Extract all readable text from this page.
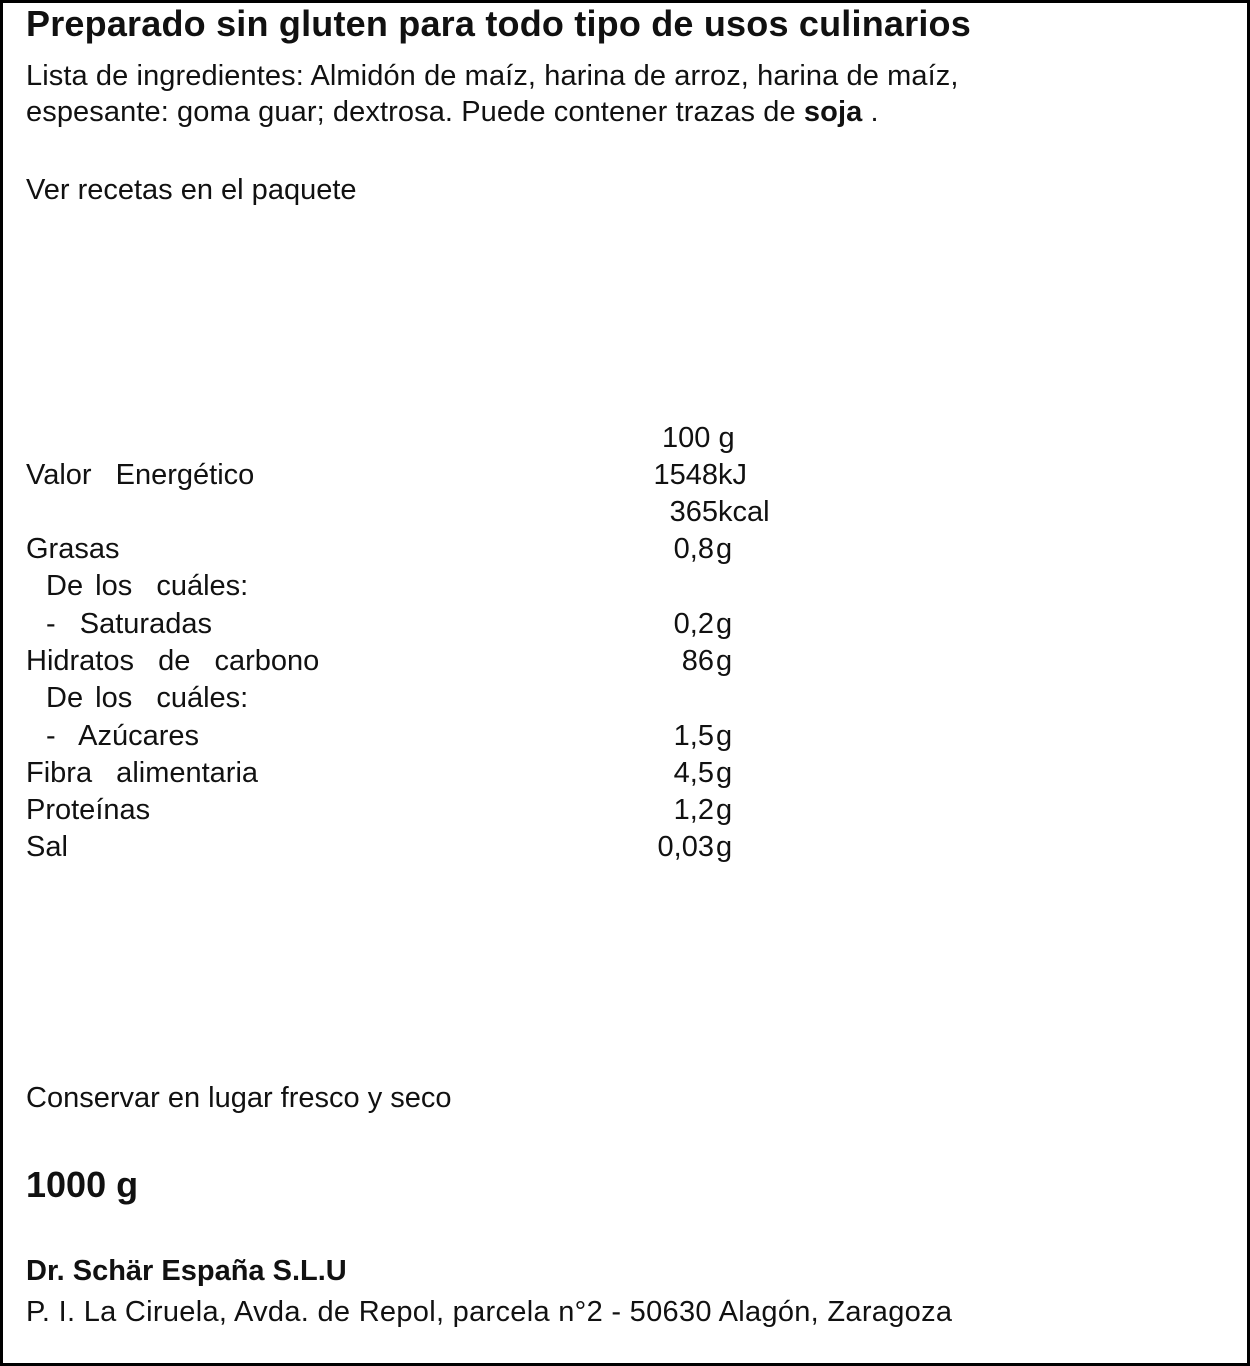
Preparado sin gluten para todo tipo de usos culinarios
Lista de ingredientes: Almidón de maíz, harina de arroz, harina de maíz,
espesante: goma guar; dextrosa. Puede contener trazas de soja .
Ver recetas en el paquete
100 g
Valor  Energético	1548 kJ
365 kcal
Grasas	0,8 g
De los  cuáles:
-  Saturadas	0,2 g
Hidratos  de  carbono	86 g
De los  cuáles:
-  Azúcares	1,5 g
Fibra  alimentaria	4,5 g
Proteínas	1,2 g
Sal	0,03 g
Conservar en lugar fresco y seco
1000 g
Dr. Schär España S.L.U
P. I. La Ciruela, Avda. de Repol, parcela n°2 - 50630 Alagón, Zaragoza
